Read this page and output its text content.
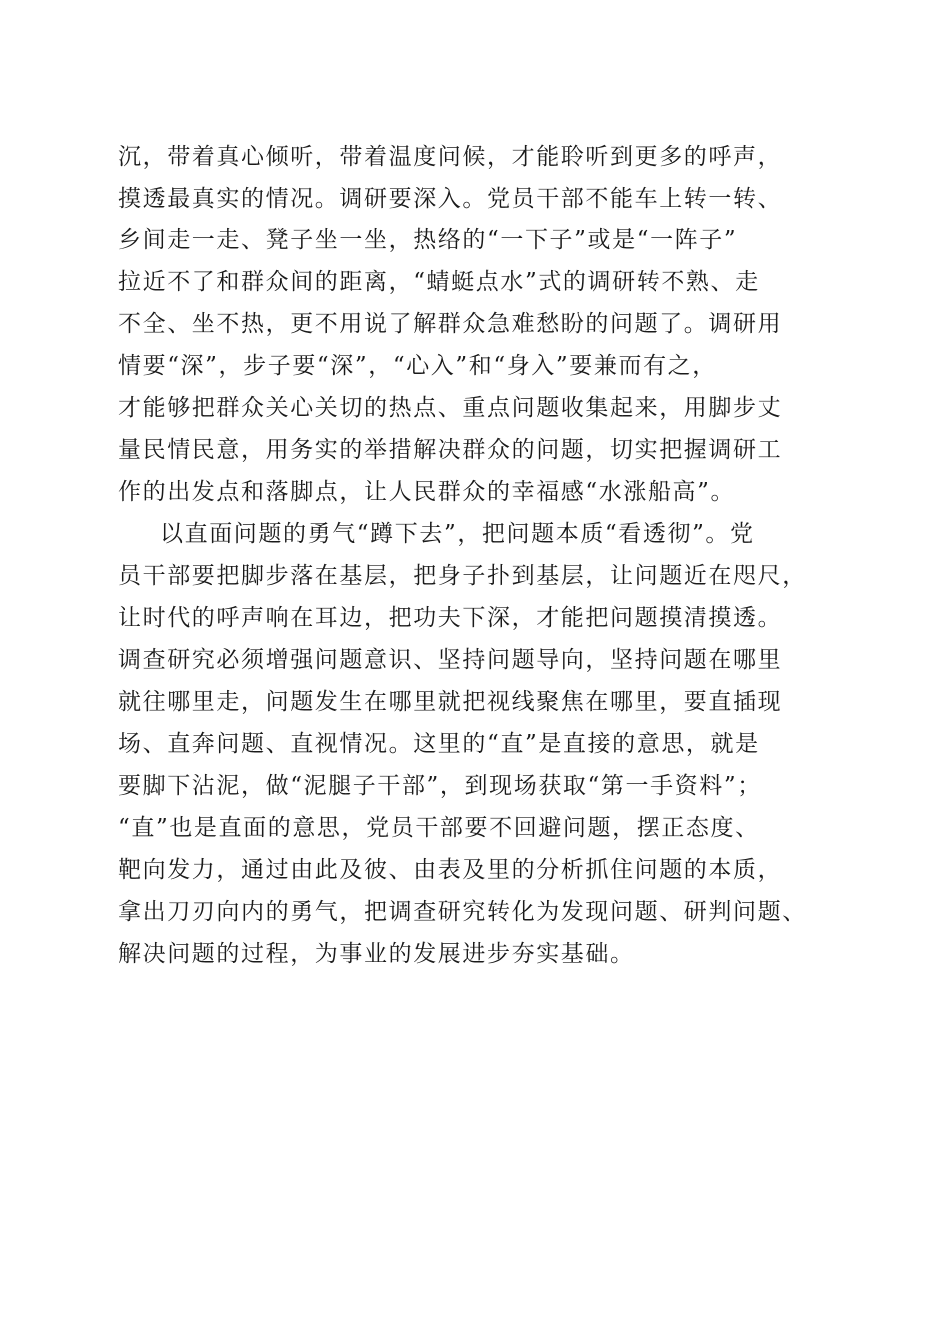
沉，带着真心倾听，带着温度问候，才能聆听到更多的呼声，
摸透最真实的情况。调研要深入。党员干部不能车上转一转、
乡间走一走、凳子坐一坐，热络的“一下子”或是“一阵子”
拉近不了和群众间的距离，“蜻蜓点水”式的调研转不熟、走
不全、坐不热，更不用说了解群众急难愁盼的问题了。调研用
情要“深”，步子要“深”，“心入”和“身入”要兼而有之，
才能够把群众关心关切的热点、重点问题收集起来，用脚步丈
量民情民意，用务实的举措解决群众的问题，切实把握调研工
作的出发点和落脚点，让人民群众的幸福感“水涨船高”。
以直面问题的勇气“蹲下去”，把问题本质“看透彻”。党
员干部要把脚步落在基层，把身子扑到基层，让问题近在咫尺，
让时代的呼声响在耳边，把功夫下深，才能把问题摸清摸透。
调查研究必须增强问题意识、坚持问题导向，坚持问题在哪里
就往哪里走，问题发生在哪里就把视线聚焦在哪里，要直插现
场、直奔问题、直视情况。这里的“直”是直接的意思，就是
要脚下沾泥，做“泥腿子干部”，到现场获取“第一手资料”；
“直”也是直面的意思，党员干部要不回避问题，摆正态度、
靶向发力，通过由此及彼、由表及里的分析抓住问题的本质，
拿出刀刃向内的勇气，把调查研究转化为发现问题、研判问题、
解决问题的过程，为事业的发展进步夯实基础。
